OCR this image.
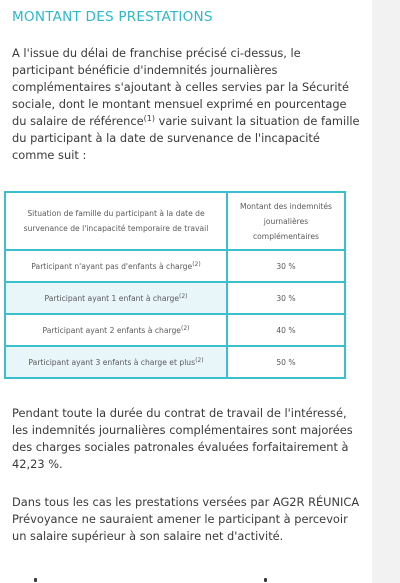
MONTANT DES PRESTATIONS

A l'issue du délai de franchise précisé ci-dessus, le participant bénéficie d'indemnités journalières complémentaires s'ajoutant à celles servies par la Sécurité sociale, dont le montant mensuel exprimé en pourcentage du salaire de référence$^{(1)}$ varie suivant la situation de famille du participant à la date de survenance de l'incapacité comme suit :

Situation de famille du participant à la date de survenance de l'incapacité temporaire de travail	Montant des indemnités journalières complémentaires
Participant n'ayant pas d'enfants à charge$^{(2)}$	30 %
Participant ayant 1 enfant à charge$^{(2)}$	30 %
Participant ayant 2 enfants à charge$^{(2)}$	40 %
Participant ayant 3 enfants à charge et plus$^{(2)}$	50 %

Pendant toute la durée du contrat de travail de l'intéressé, les indemnités journalières complémentaires sont majorées des charges sociales patronales évaluées forfaitairement à 42,23 %.

Dans tous les cas les prestations versées par AG2R RÉUNICA Prévoyance ne sauraient amener le participant à percevoir un salaire supérieur à son salaire net d'activité.
